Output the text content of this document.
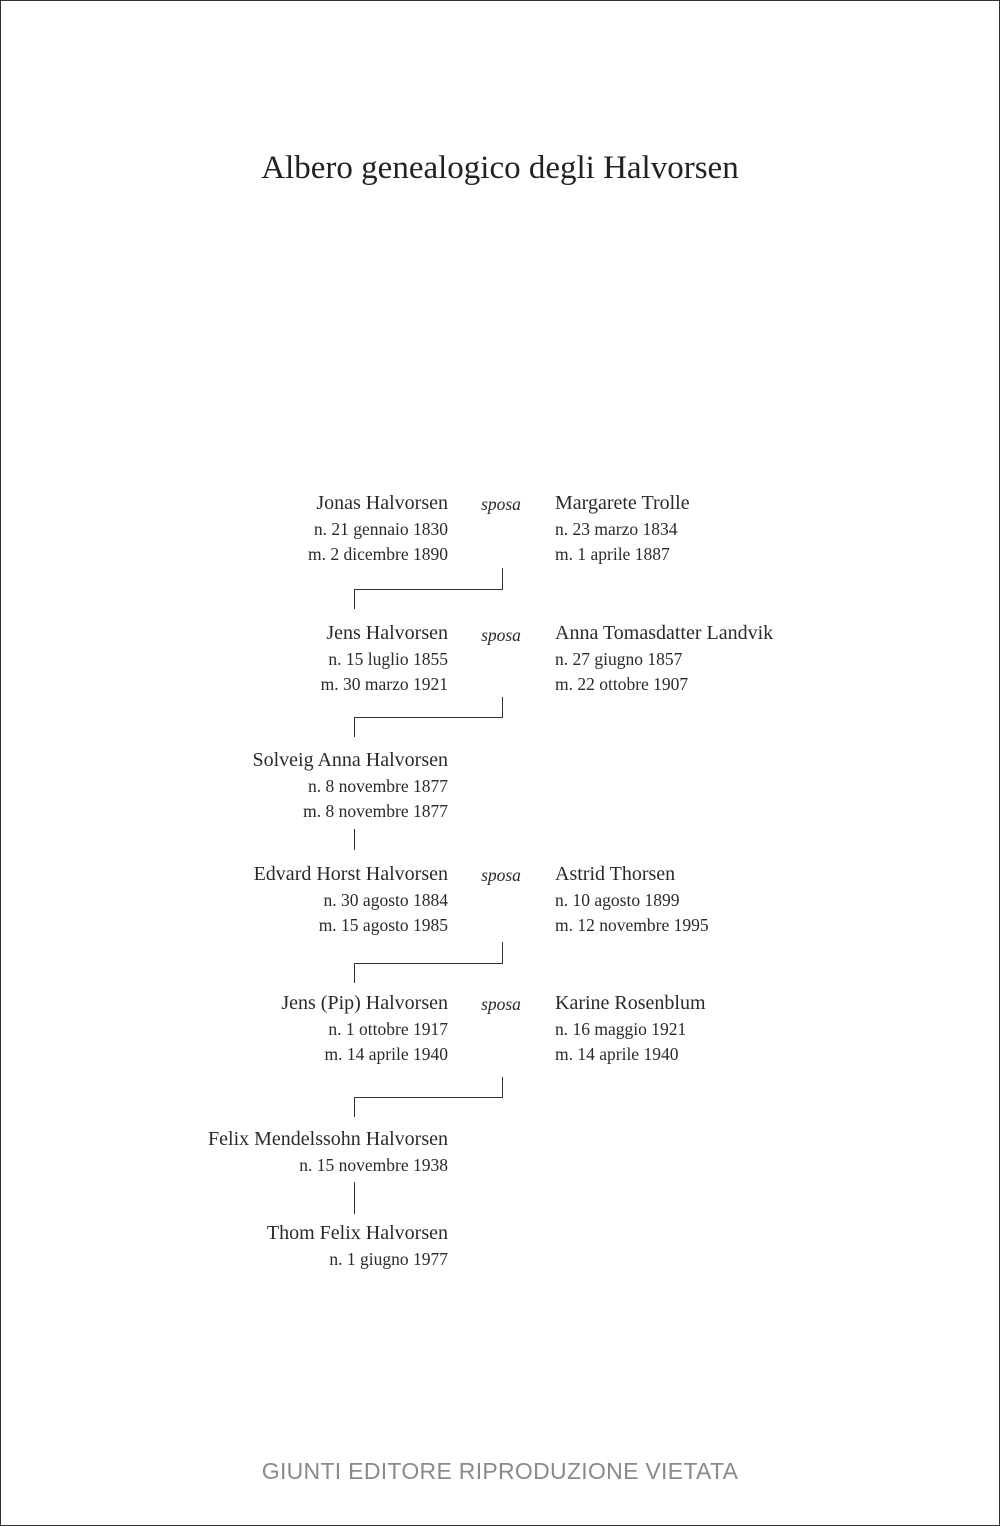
Albero genealogico degli Halvorsen
Jonas Halvorsen
n. 21 gennaio 1830
m. 2 dicembre 1890
sposa	Margarete Trolle
n. 23 marzo 1834
m. 1 aprile 1887
Jens Halvorsen
n. 15 luglio 1855
m. 30 marzo 1921
sposa	Anna Tomasdatter Landvik
n. 27 giugno 1857
m. 22 ottobre 1907
Solveig Anna Halvorsen
n. 8 novembre 1877
m. 8 novembre 1877
Edvard Horst Halvorsen
n. 30 agosto 1884
m. 15 agosto 1985
sposa	Astrid Thorsen
n. 10 agosto 1899
m. 12 novembre 1995
Jens (Pip) Halvorsen
n. 1 ottobre 1917
m. 14 aprile 1940
sposa	Karine Rosenblum
n. 16 maggio 1921
m. 14 aprile 1940
Felix Mendelssohn Halvorsen
n. 15 novembre 1938
Thom Felix Halvorsen
n. 1 giugno 1977
GIUNTI EDITORE RIPRODUZIONE VIETATA
